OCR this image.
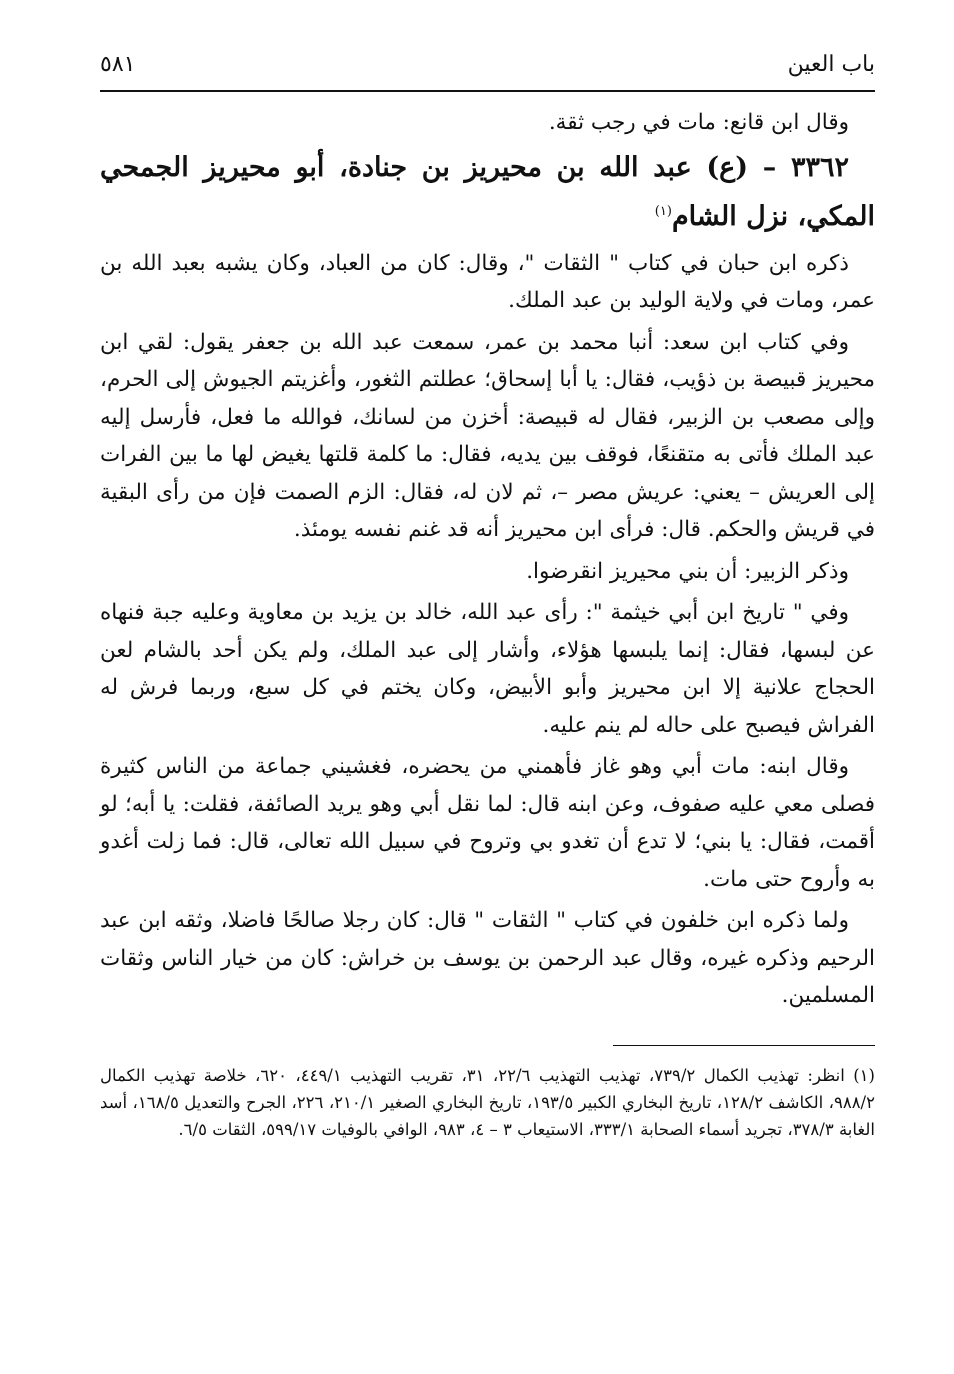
باب العين
٥٨١

وقال ابن قانع: مات في رجب ثقة.

٣٣٦٢ – (ع) عبد الله بن محيريز بن جنادة، أبو محيريز الجمحي المكي، نزل الشام$^{(١)}$

ذكره ابن حبان في كتاب " الثقات "، وقال: كان من العباد، وكان يشبه بعبد الله بن عمر، ومات في ولاية الوليد بن عبد الملك.

وفي كتاب ابن سعد: أنبا محمد بن عمر، سمعت عبد الله بن جعفر يقول: لقي ابن محيريز قبيصة بن ذؤيب، فقال: يا أبا إسحاق؛ عطلتم الثغور، وأغزيتم الجيوش إلى الحرم، وإلى مصعب بن الزبير، فقال له قبيصة: أخزن من لسانك، فوالله ما فعل، فأرسل إليه عبد الملك فأتى به متقنعًا، فوقف بين يديه، فقال: ما كلمة قلتها يغيض لها ما بين الفرات إلى العريش – يعني: عريش مصر –، ثم لان له، فقال: الزم الصمت فإن من رأى البقية في قريش والحكم. قال: فرأى ابن محيريز أنه قد غنم نفسه يومئذ.

وذكر الزبير: أن بني محيريز انقرضوا.

وفي " تاريخ ابن أبي خيثمة ": رأى عبد الله، خالد بن يزيد بن معاوية وعليه جبة فنهاه عن لبسها، فقال: إنما يلبسها هؤلاء، وأشار إلى عبد الملك، ولم يكن أحد بالشام لعن الحجاج علانية إلا ابن محيريز وأبو الأبيض، وكان يختم في كل سبع، وربما فرش له الفراش فيصبح على حاله لم ينم عليه.

وقال ابنه: مات أبي وهو غاز فأهمني من يحضره، فغشيني جماعة من الناس كثيرة فصلى معي عليه صفوف، وعن ابنه قال: لما نقل أبي وهو يريد الصائفة، فقلت: يا أبه؛ لو أقمت، فقال: يا بني؛ لا تدع أن تغدو بي وتروح في سبيل الله تعالى، قال: فما زلت أغدو به وأروح حتى مات.

ولما ذكره ابن خلفون في كتاب " الثقات " قال: كان رجلا صالحًا فاضلا، وثقه ابن عبد الرحيم وذكره غيره، وقال عبد الرحمن بن يوسف بن خراش: كان من خيار الناس وثقات المسلمين.

(١) انظر: تهذيب الكمال ٧٣٩/٢، تهذيب التهذيب ٢٢/٦، ٣١، تقريب التهذيب ٤٤٩/١، ٦٢٠، خلاصة تهذيب الكمال ٩٨٨/٢، الكاشف ١٢٨/٢، تاريخ البخاري الكبير ١٩٣/٥، تاريخ البخاري الصغير ٢١٠/١، ٢٢٦، الجرح والتعديل ١٦٨/٥، أسد الغابة ٣٧٨/٣، تجريد أسماء الصحابة ٣٣٣/١، الاستيعاب ٣ – ٤، ٩٨٣، الوافي بالوفيات ٥٩٩/١٧، الثقات ٦/٥.
